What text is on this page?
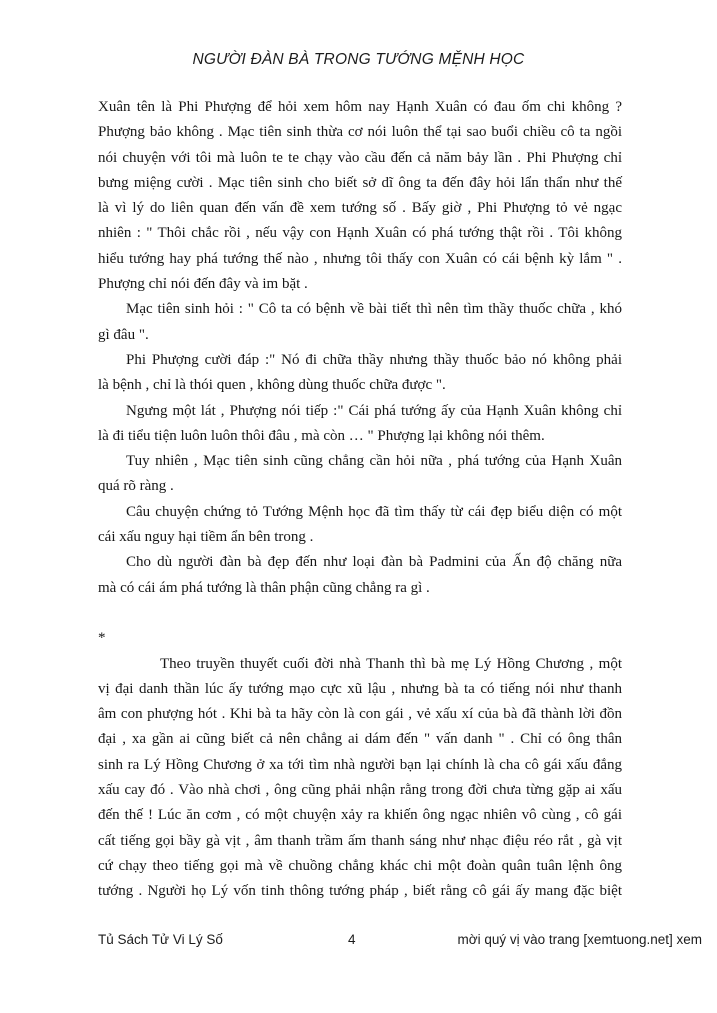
NGƯỜI ĐÀN BÀ TRONG TƯỚNG MỆNH HỌC
Xuân tên là Phi Phượng để hỏi xem hôm nay Hạnh Xuân có đau ốm chi không ?
Phượng bảo không . Mạc tiên sinh thừa cơ nói luôn thể tại sao buổi chiều cô ta ngồi
nói chuyện với tôi mà luôn te te chạy vào cầu đến cả năm bảy lần . Phi Phượng chỉ
bưng miệng cười . Mạc tiên sinh cho biết sở dĩ ông ta đến đây hỏi lẩn thẩn như thế
là vì lý do liên quan đến vấn đề xem tướng số . Bấy giờ , Phi Phượng tỏ vẻ ngạc
nhiên : " Thôi chắc rồi , nếu vậy con Hạnh Xuân có phá tướng thật rồi . Tôi không
hiểu tướng hay phá tướng thế nào , nhưng tôi thấy con Xuân có cái bệnh kỳ lắm " .
Phượng chỉ nói đến đây và im bặt .
Mạc tiên sinh hỏi : " Cô ta có bệnh về bài tiết thì nên tìm thầy thuốc chữa , khó
gì đâu ".
Phi Phượng cười đáp :" Nó đi chữa thầy nhưng thầy thuốc bảo nó không phải
là bệnh , chỉ là thói quen , không dùng thuốc chữa được ".
Ngưng một lát , Phượng nói tiếp :" Cái phá tướng ấy của Hạnh Xuân không chỉ
là đi tiểu tiện luôn luôn thôi đâu , mà còn … " Phượng lại không nói thêm.
Tuy nhiên , Mạc tiên sinh cũng chẳng cần hỏi nữa , phá tướng của Hạnh Xuân
quá rõ ràng .
Câu chuyện chứng tỏ Tướng Mệnh học đã tìm thấy từ cái đẹp biểu diện có một
cái xấu nguy hại tiềm ẩn bên trong .
Cho dù người đàn bà đẹp đến như loại đàn bà Padmini của Ấn độ chăng nữa
mà có cái ám phá tướng là thân phận cũng chẳng ra gì .
*
Theo truyền thuyết cuối đời nhà Thanh thì bà mẹ Lý Hồng Chương , một
vị đại danh thần lúc ấy tướng mạo cực xũ lậu , nhưng bà ta có tiếng nói như thanh
âm con phượng hót . Khi bà ta hãy còn là con gái , vẻ xấu xí của bà đã thành lời đồn
đại , xa gần ai cũng biết cả nên chẳng ai dám đến " vấn danh " . Chỉ có ông thân
sinh ra Lý Hồng Chương ở xa tới tìm nhà người bạn lại chính là cha cô gái xấu đắng
xấu cay đó . Vào nhà chơi , ông cũng phải nhận rằng trong đời chưa từng gặp ai xấu
đến thế ! Lúc ăn cơm , có một chuyện xảy ra khiến ông ngạc nhiên vô cùng , cô gái
cất tiếng gọi bầy gà vịt , âm thanh trầm ấm thanh sáng như nhạc điệu réo rắt , gà vịt
cứ chạy theo tiếng gọi mà về chuồng chẳng khác chi một đoàn quân tuân lệnh ông
tướng . Người họ Lý vốn tinh thông tướng pháp , biết rằng cô gái ấy mang đặc biệt
Tủ Sách Tử Vi Lý Số	4	mời quý vị vào trang [xemtuong.net] xem
